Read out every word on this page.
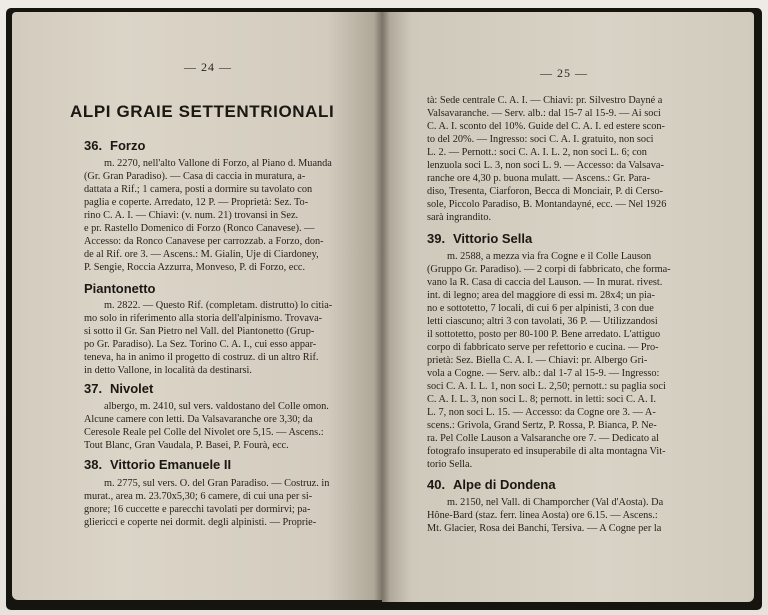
— 24 —
ALPI GRAIE SETTENTRIONALI
36. Forzo
m. 2270, nell'alto Vallone di Forzo, al Piano d. Muanda
(Gr. Gran Paradiso). — Casa di caccia in muratura, a-
dattata a Rif.; 1 camera, posti a dormire su tavolato con
paglia e coperte. Arredato, 12 P. — Proprietà: Sez. To-
rino C. A. I. — Chiavi: (v. num. 21) trovansi in Sez.
e pr. Rastello Domenico di Forzo (Ronco Canavese). —
Accesso: da Ronco Canavese per carrozzab. a Forzo, don-
de al Rif. ore 3. — Ascens.: M. Gialin, Uje di Ciardoney,
P. Sengie, Roccia Azzurra, Monveso, P. di Forzo, ecc.
Piantonetto
m. 2822. — Questo Rif. (completam. distrutto) lo citia-
mo solo in riferimento alla storia dell'alpinismo. Trovava-
si sotto il Gr. San Pietro nel Vall. del Piantonetto (Grup-
po Gr. Paradiso). La Sez. Torino C. A. I., cui esso appar-
teneva, ha in animo il progetto di costruz. di un altro Rif.
in detto Vallone, in località da destinarsi.
37. Nivolet
albergo, m. 2410, sul vers. valdostano del Colle omon.
Alcune camere con letti. Da Valsavaranche ore 3,30; da
Ceresole Reale pel Colle del Nivolet ore 5,15. — Ascens.:
Tout Blanc, Gran Vaudala, P. Basei, P. Fourà, ecc.
38. Vittorio Emanuele II
m. 2775, sul vers. O. del Gran Paradiso. — Costruz. in
murat., area m. 23.70x5,30; 6 camere, di cui una per si-
gnore; 16 cuccette e parecchi tavolati per dormirvi; pa-
gliericci e coperte nei dormit. degli alpinisti. — Proprie-
— 25 —
tà: Sede centrale C. A. I. — Chiavi: pr. Silvestro Dayné a
Valsavaranche. — Serv. alb.: dal 15-7 al 15-9. — Ai soci
C. A. I. sconto del 10%. Guide del C. A. I. ed estere scon-
to del 20%. — Ingresso: soci C. A. I. gratuito, non soci
L. 2. — Pernott.: soci C. A. I. L. 2, non soci L. 6; con
lenzuola soci L. 3, non soci L. 9. — Accesso: da Valsava-
ranche ore 4,30 p. buona mulatt. — Ascens.: Gr. Para-
diso, Tresenta, Ciarforon, Becca di Monciair, P. di Cerso-
sole, Piccolo Paradiso, B. Montandayné, ecc. — Nel 1926
sarà ingrandito.
39. Vittorio Sella
m. 2588, a mezza via fra Cogne e il Colle Lauson
(Gruppo Gr. Paradiso). — 2 corpi di fabbricato, che forma-
vano la R. Casa di caccia del Lauson. — In murat. rivest.
int. di legno; area del maggiore di essi m. 28x4; un pia-
no e sottotetto, 7 locali, di cui 6 per alpinisti, 3 con due
letti ciascuno; altri 3 con tavolati, 36 P. — Utilizzandosi
il sottotetto, posto per 80-100 P. Bene arredato. L'attiguo
corpo di fabbricato serve per refettorio e cucina. — Pro-
prietà: Sez. Biella C. A. I. — Chiavi: pr. Albergo Gri-
vola a Cogne. — Serv. alb.: dal 1-7 al 15-9. — Ingresso:
soci C. A. I. L. 1, non soci L. 2,50; pernott.: su paglia soci
C. A. I. L. 3, non soci L. 8; pernott. in letti: soci C. A. I.
L. 7, non soci L. 15. — Accesso: da Cogne ore 3. — A-
scens.: Grivola, Grand Sertz, P. Rossa, P. Bianca, P. Ne-
ra. Pel Colle Lauson a Valsaranche ore 7. — Dedicato al
fotografo insuperato ed insuperabile di alta montagna Vit-
torio Sella.
40. Alpe di Dondena
m. 2150, nel Vall. di Champorcher (Val d'Aosta). Da
Hône-Bard (staz. ferr. linea Aosta) ore 6.15. — Ascens.:
Mt. Glacier, Rosa dei Banchi, Tersiva. — A Cogne per la
